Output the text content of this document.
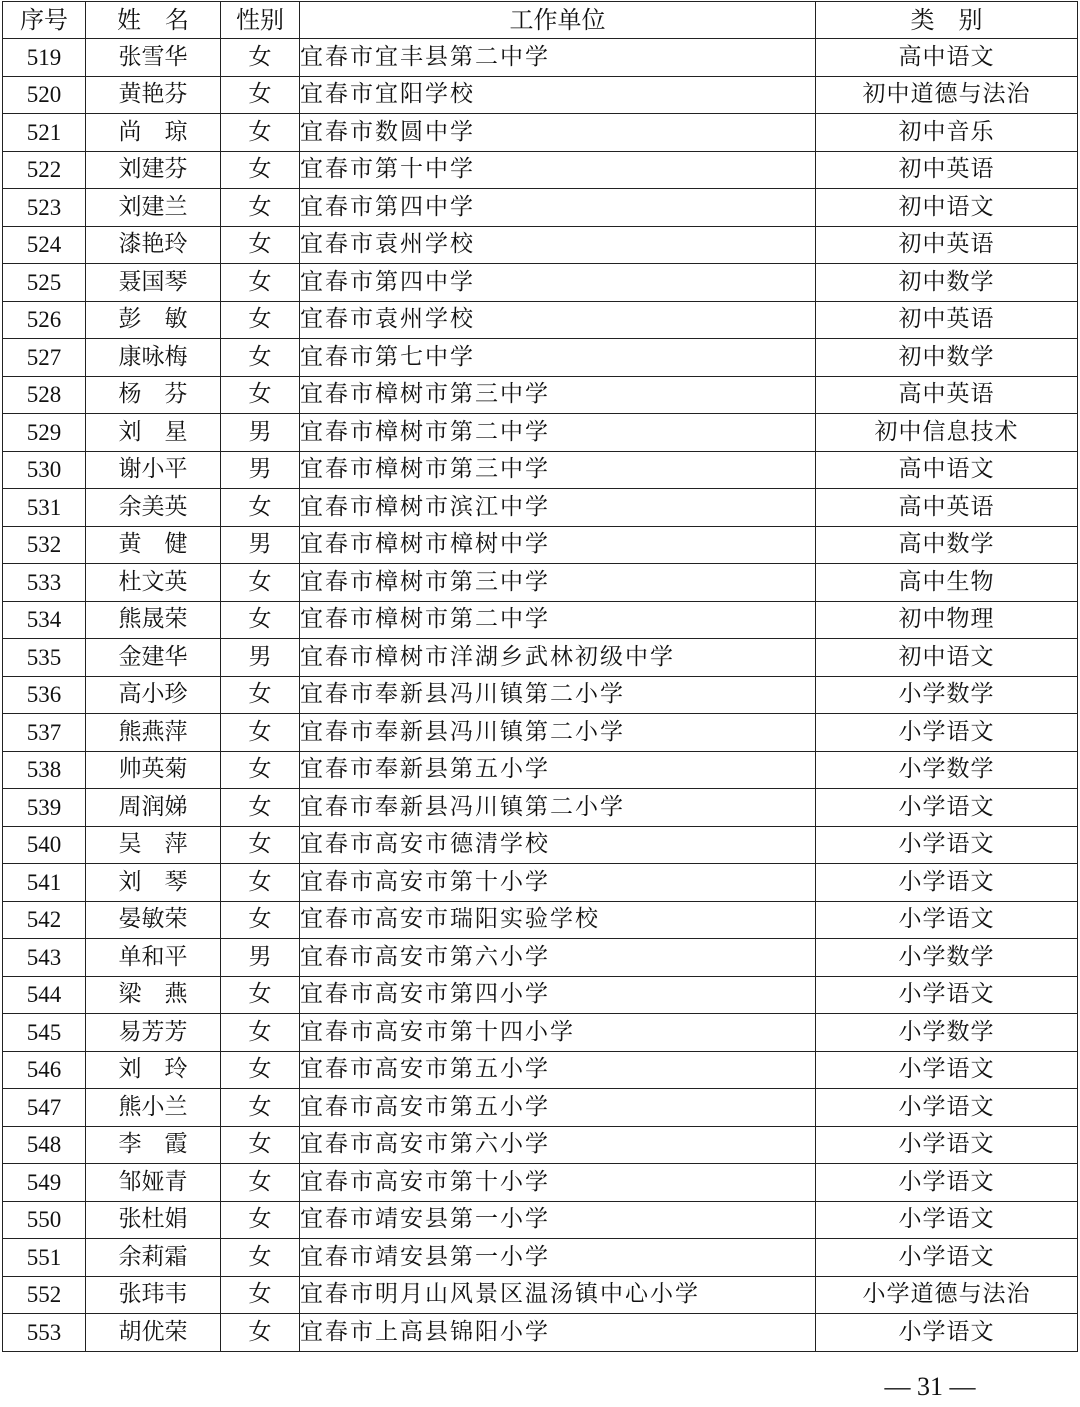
序号	姓　名	性别	工作单位	类　别
519	张雪华	女	宜春市宜丰县第二中学	高中语文
520	黄艳芬	女	宜春市宜阳学校	初中道德与法治
521	尚　琼	女	宜春市数圆中学	初中音乐
522	刘建芬	女	宜春市第十中学	初中英语
523	刘建兰	女	宜春市第四中学	初中语文
524	漆艳玲	女	宜春市袁州学校	初中英语
525	聂国琴	女	宜春市第四中学	初中数学
526	彭　敏	女	宜春市袁州学校	初中英语
527	康咏梅	女	宜春市第七中学	初中数学
528	杨　芬	女	宜春市樟树市第三中学	高中英语
529	刘　星	男	宜春市樟树市第二中学	初中信息技术
530	谢小平	男	宜春市樟树市第三中学	高中语文
531	余美英	女	宜春市樟树市滨江中学	高中英语
532	黄　健	男	宜春市樟树市樟树中学	高中数学
533	杜文英	女	宜春市樟树市第三中学	高中生物
534	熊晟荣	女	宜春市樟树市第二中学	初中物理
535	金建华	男	宜春市樟树市洋湖乡武林初级中学	初中语文
536	高小珍	女	宜春市奉新县冯川镇第二小学	小学数学
537	熊燕萍	女	宜春市奉新县冯川镇第二小学	小学语文
538	帅英菊	女	宜春市奉新县第五小学	小学数学
539	周润娣	女	宜春市奉新县冯川镇第二小学	小学语文
540	吴　萍	女	宜春市高安市德清学校	小学语文
541	刘　琴	女	宜春市高安市第十小学	小学语文
542	晏敏荣	女	宜春市高安市瑞阳实验学校	小学语文
543	单和平	男	宜春市高安市第六小学	小学数学
544	梁　燕	女	宜春市高安市第四小学	小学语文
545	易芳芳	女	宜春市高安市第十四小学	小学数学
546	刘　玲	女	宜春市高安市第五小学	小学语文
547	熊小兰	女	宜春市高安市第五小学	小学语文
548	李　霞	女	宜春市高安市第六小学	小学语文
549	邹娅青	女	宜春市高安市第十小学	小学语文
550	张杜娟	女	宜春市靖安县第一小学	小学语文
551	余莉霜	女	宜春市靖安县第一小学	小学语文
552	张玮韦	女	宜春市明月山风景区温汤镇中心小学	小学道德与法治
553	胡优荣	女	宜春市上高县锦阳小学	小学语文
— 31 —
